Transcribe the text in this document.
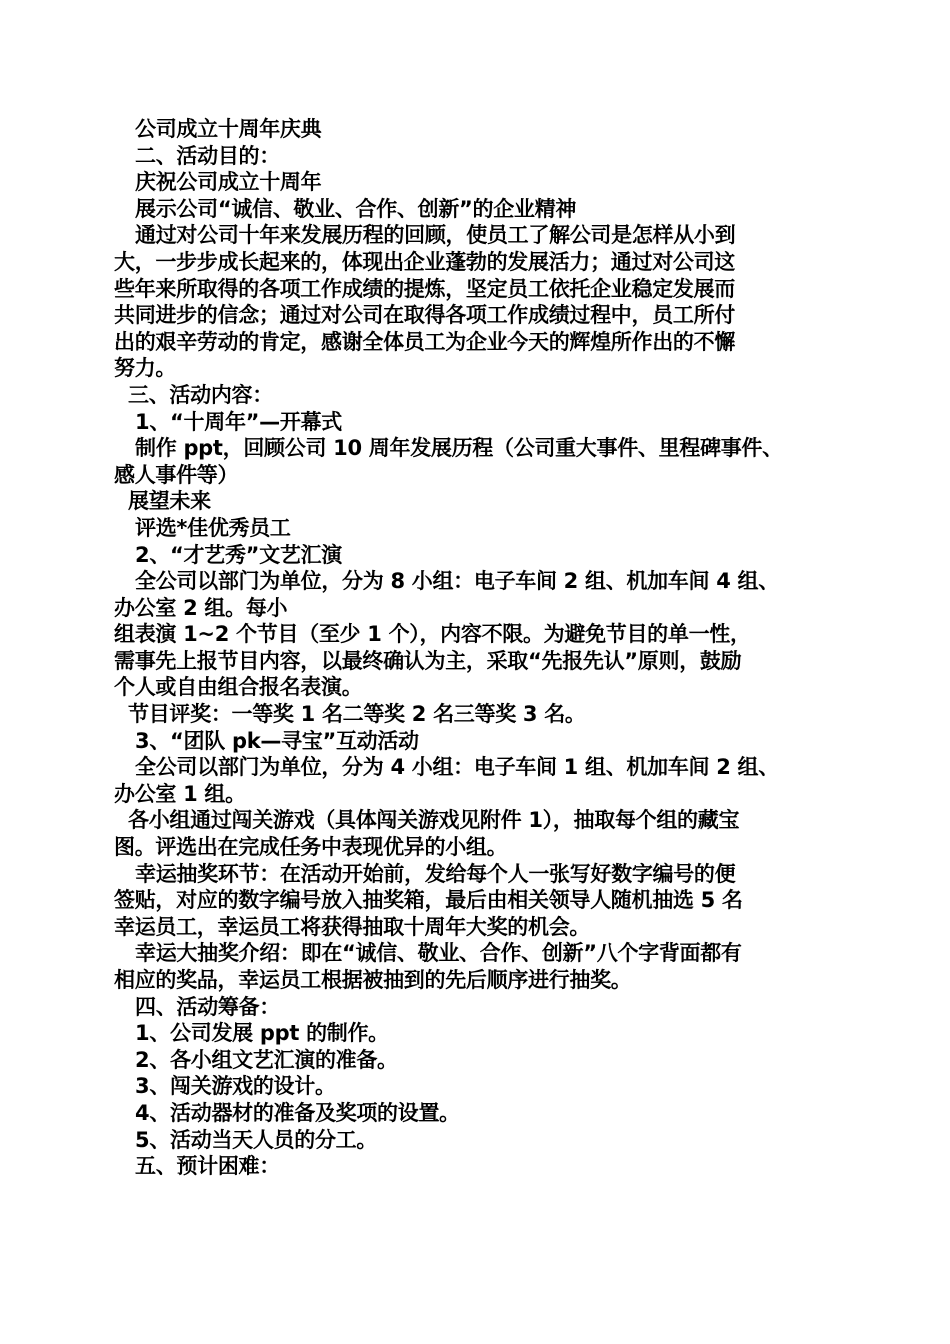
公司成立十周年庆典
二、活动目的：
庆祝公司成立十周年
展示公司“诚信、敬业、合作、创新”的企业精神
通过对公司十年来发展历程的回顾，使员工了解公司是怎样从小到
大，一步步成长起来的，体现出企业蓬勃的发展活力；通过对公司这
些年来所取得的各项工作成绩的提炼，坚定员工依托企业稳定发展而
共同进步的信念；通过对公司在取得各项工作成绩过程中，员工所付
出的艰辛劳动的肯定，感谢全体员工为企业今天的辉煌所作出的不懈
努力。
三、活动内容：
1、“十周年”—开幕式
制作 ppt，回顾公司 10 周年发展历程（公司重大事件、里程碑事件、
感人事件等）
展望未来
评选*佳优秀员工
2、“才艺秀”文艺汇演
全公司以部门为单位，分为 8 小组：电子车间 2 组、机加车间 4 组、
办公室 2 组。每小
组表演 1~2 个节目（至少 1 个），内容不限。为避免节目的单一性，
需事先上报节目内容，以最终确认为主，采取“先报先认”原则，鼓励
个人或自由组合报名表演。
节目评奖：一等奖 1 名二等奖 2 名三等奖 3 名。
3、“团队 pk—寻宝”互动活动
全公司以部门为单位，分为 4 小组：电子车间 1 组、机加车间 2 组、
办公室 1 组。
各小组通过闯关游戏（具体闯关游戏见附件 1），抽取每个组的藏宝
图。评选出在完成任务中表现优异的小组。
幸运抽奖环节：在活动开始前，发给每个人一张写好数字编号的便
签贴，对应的数字编号放入抽奖箱，最后由相关领导人随机抽选 5 名
幸运员工，幸运员工将获得抽取十周年大奖的机会。
幸运大抽奖介绍：即在“诚信、敬业、合作、创新”八个字背面都有
相应的奖品，幸运员工根据被抽到的先后顺序进行抽奖。
四、活动筹备：
1、公司发展 ppt 的制作。
2、各小组文艺汇演的准备。
3、闯关游戏的设计。
4、活动器材的准备及奖项的设置。
5、活动当天人员的分工。
五、预计困难：
